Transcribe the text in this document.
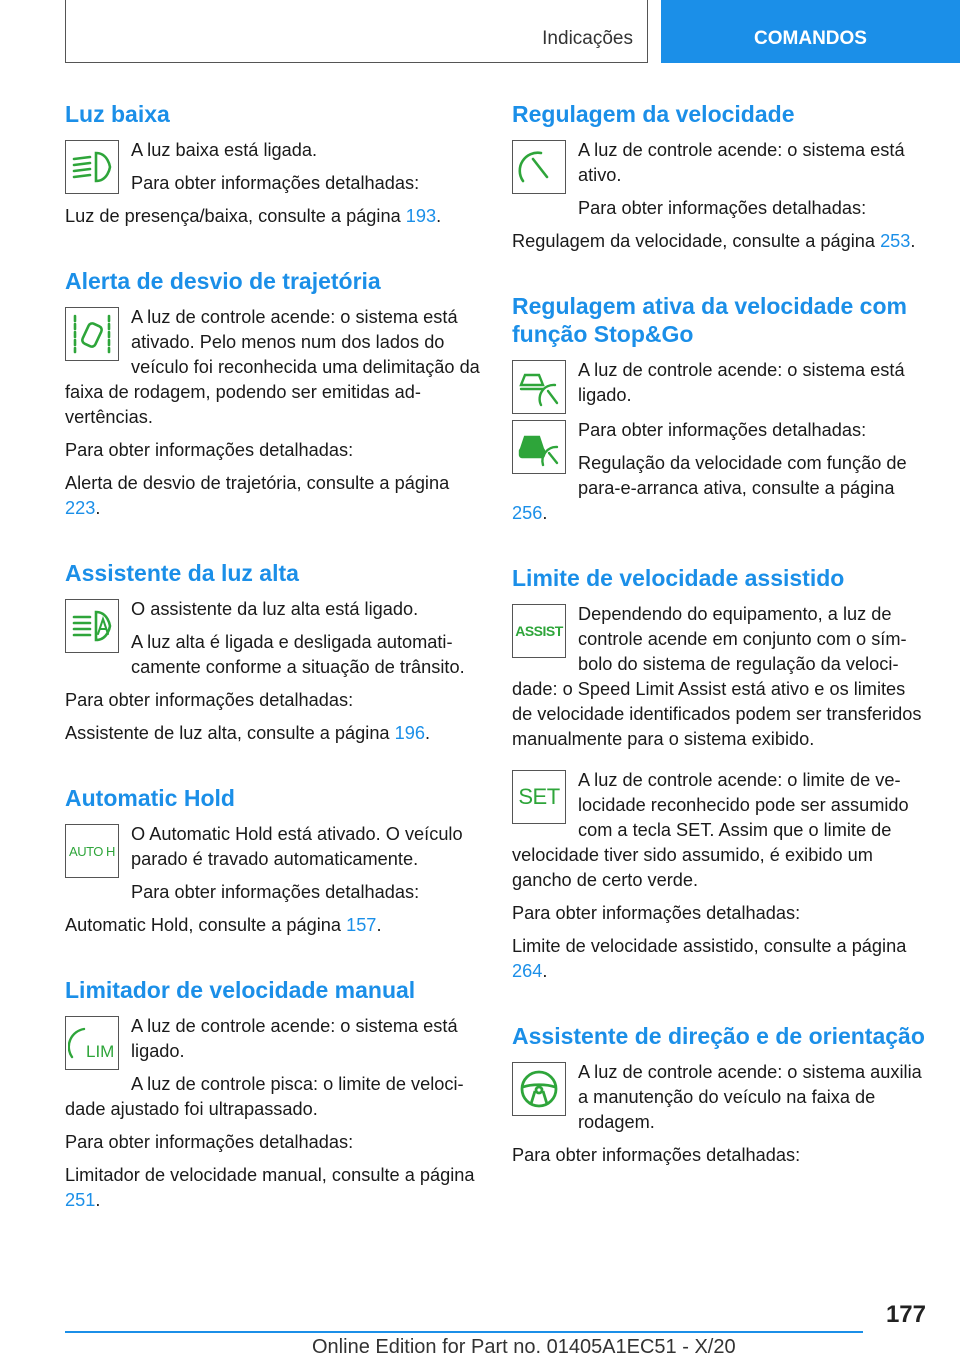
Indicações	COMANDOS
Luz baixa

A luz baixa está ligada.

Para obter informações detalhadas:

Luz de presença/baixa, consulte a página 193.

Alerta de desvio de trajetória

A luz de controle acende: o sistema está ativado. Pelo menos num dos lados do veículo foi reconhecida uma delimitação da faixa de rodagem, podendo ser emitidas advertências.

Para obter informações detalhadas:

Alerta de desvio de trajetória, consulte a página 223.

Assistente da luz alta

O assistente da luz alta está ligado.

A luz alta é ligada e desligada automaticamente conforme a situação de trânsito.

Para obter informações detalhadas:

Assistente de luz alta, consulte a página 196.

Automatic Hold
AUTO H

O Automatic Hold está ativado. O veículo parado é travado automaticamente.

Para obter informações detalhadas:

Automatic Hold, consulte a página 157.

Limitador de velocidade manual
LIM

A luz de controle acende: o sistema está ligado.

A luz de controle pisca: o limite de velocidade ajustado foi ultrapassado.

Para obter informações detalhadas:

Limitador de velocidade manual, consulte a página 251.

Regulagem da velocidade

A luz de controle acende: o sistema está ativo.

Para obter informações detalhadas:

Regulagem da velocidade, consulte a página 253.

Regulagem ativa da velocidade com função Stop&Go

A luz de controle acende: o sistema está ligado.

Para obter informações detalhadas:

Regulação da velocidade com função de para-e-arranca ativa, consulte a página 256.

Limite de velocidade assistido
ASSIST

Dependendo do equipamento, a luz de controle acende em conjunto com o símbolo do sistema de regulação da velocidade: o Speed Limit Assist está ativo e os limites de velocidade identificados podem ser transferidos manualmente para o sistema exibido.

SET

A luz de controle acende: o limite de velocidade reconhecido pode ser assumido com a tecla SET. Assim que o limite de velocidade tiver sido assumido, é exibido um gancho de certo verde.

Para obter informações detalhadas:

Limite de velocidade assistido, consulte a página 264.

Assistente de direção e de orientação

A luz de controle acende: o sistema auxilia a manutenção do veículo na faixa de rodagem.

Para obter informações detalhadas:

177
Online Edition for Part no. 01405A1EC51 - X/20
